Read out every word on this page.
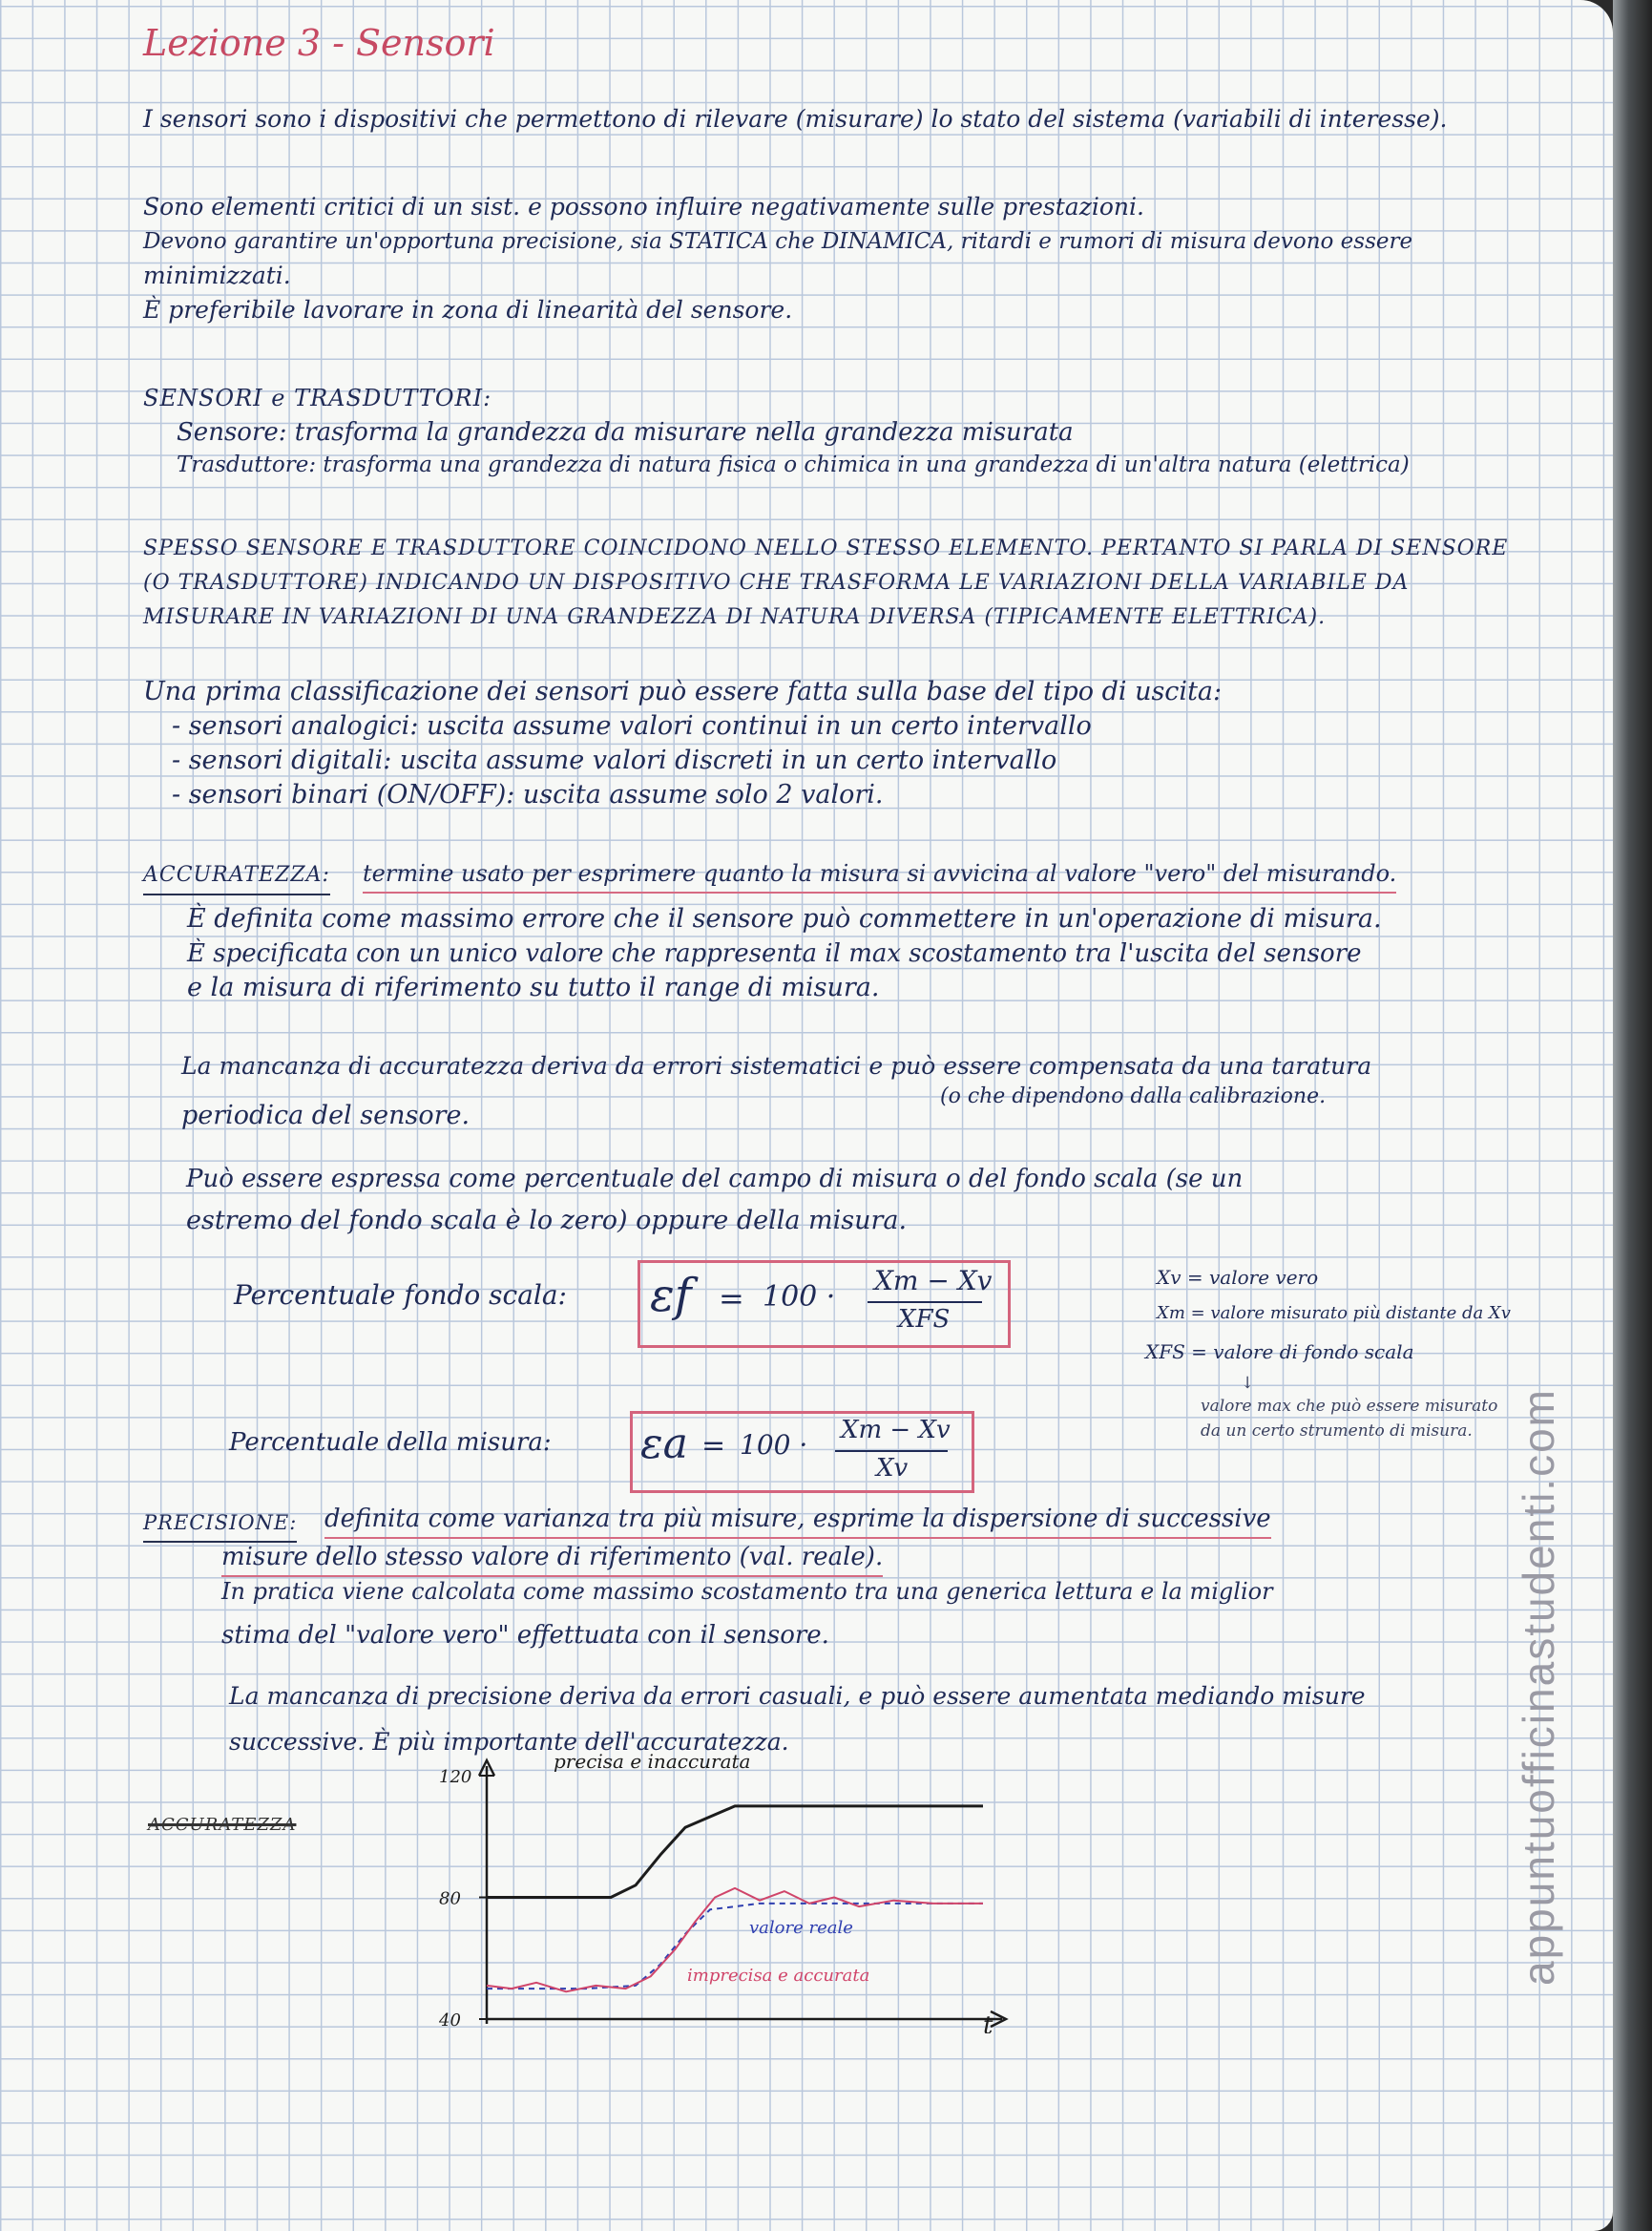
Lezione 3 - Sensori

I sensori sono i dispositivi che permettono di rilevare (misurare) lo stato del sistema (variabili di interesse).

Sono elementi critici di un sist. e possono influire negativamente sulle prestazioni.

Devono garantire un'opportuna precisione, sia STATICA che DINAMICA, ritardi e rumori di misura devono essere

minimizzati.

È preferibile lavorare in zona di linearità del sensore.

SENSORI e TRASDUTTORI:

Sensore: trasforma la grandezza da misurare nella grandezza misurata

Trasduttore: trasforma una grandezza di natura fisica o chimica in una grandezza di un'altra natura (elettrica)

SPESSO SENSORE E TRASDUTTORE COINCIDONO NELLO STESSO ELEMENTO. PERTANTO SI PARLA DI SENSORE

(O TRASDUTTORE) INDICANDO UN DISPOSITIVO CHE TRASFORMA LE VARIAZIONI DELLA VARIABILE DA

MISURARE IN VARIAZIONI DI UNA GRANDEZZA DI NATURA DIVERSA (TIPICAMENTE ELETTRICA).

Una prima classificazione dei sensori può essere fatta sulla base del tipo di uscita:

- sensori analogici: uscita assume valori continui in un certo intervallo

- sensori digitali: uscita assume valori discreti in un certo intervallo

- sensori binari (ON/OFF): uscita assume solo 2 valori.

ACCURATEZZA: termine usato per esprimere quanto la misura si avvicina al valore "vero" del misurando.

È definita come massimo errore che il sensore può commettere in un'operazione di misura.

È specificata con un unico valore che rappresenta il max scostamento tra l'uscita del sensore

e la misura di riferimento su tutto il range di misura.

La mancanza di accuratezza deriva da errori sistematici e può essere compensata da una taratura

periodica del sensore.

(o che dipendono dalla calibrazione.

Può essere espressa come percentuale del campo di misura o del fondo scala (se un

estremo del fondo scala è lo zero) oppure della misura.

Percentuale fondo scala: εf = 100 · Xm − Xv
XFS

Xv = valore vero

Xm = valore misurato più distante da Xv

XFS = valore di fondo scala

↓

valore max che può essere misurato

da un certo strumento di misura.

Percentuale della misura: εa = 100 · Xm − Xv
Xv

PRECISIONE: definita come varianza tra più misure, esprime la dispersione di successive

misure dello stesso valore di riferimento (val. reale).

In pratica viene calcolata come massimo scostamento tra una generica lettura e la miglior

stima del "valore vero" effettuata con il sensore.

La mancanza di precisione deriva da errori casuali, e può essere aumentata mediando misure

successive. È più importante dell'accuratezza.

ACCURATEZZA

t
40
80
120
precisa e inaccurata
valore reale
imprecisa e accurata	appuntuofficinastudenti.com
